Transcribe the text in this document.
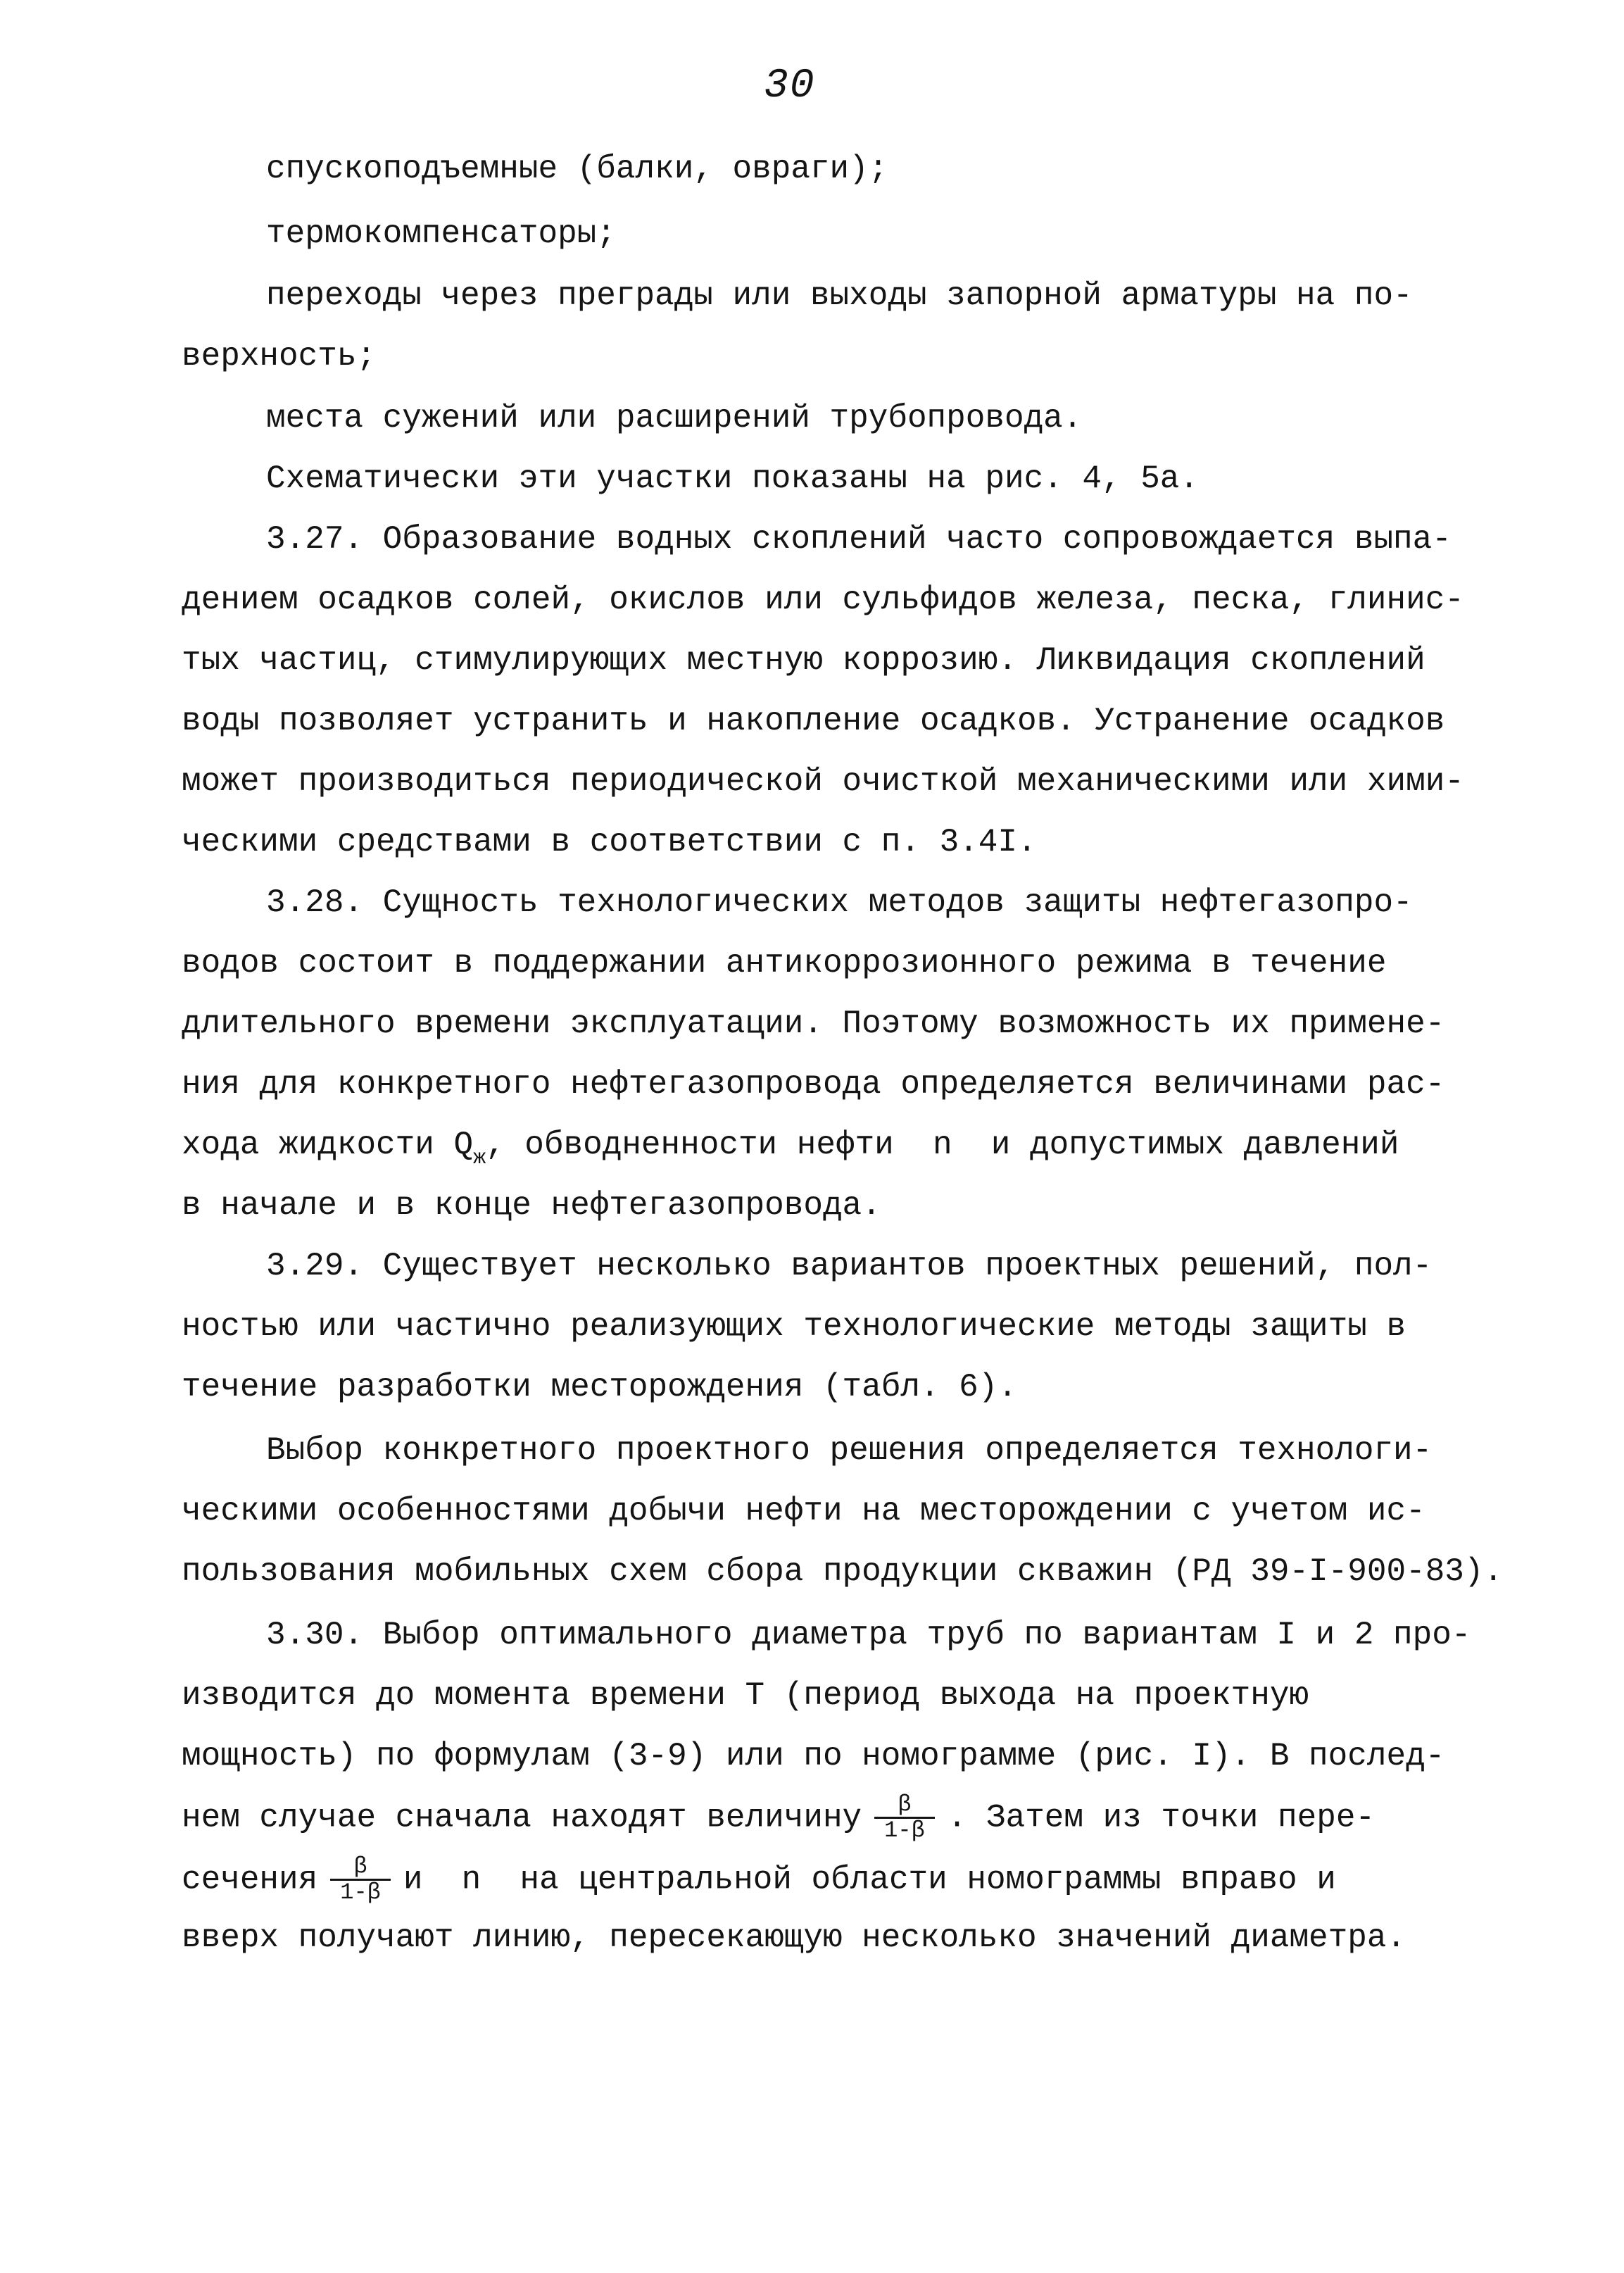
30
спускоподъемные (балки, овраги);
термокомпенсаторы;
переходы через преграды или выходы запорной арматуры на по-
верхность;
места сужений или расширений трубопровода.
Схематически эти участки показаны на рис. 4, 5а.
3.27. Образование водных скоплений часто сопровождается выпа-
дением осадков солей, окислов или сульфидов железа, песка, глинис-
тых частиц, стимулирующих местную коррозию. Ликвидация скоплений
воды позволяет устранить и накопление осадков. Устранение осадков
может производиться периодической очисткой механическими или хими-
ческими средствами в соответствии с п. 3.4I.
3.28. Сущность технологических методов защиты нефтегазопро-
водов состоит в поддержании антикоррозионного режима в течение
длительного времени эксплуатации. Поэтому возможность их примене-
ния для конкретного нефтегазопровода определяется величинами рас-
хода жидкости $Q_ж$, обводненности нефти  n  и допустимых давлений
в начале и в конце нефтегазопровода.
3.29. Существует несколько вариантов проектных решений, пол-
ностью или частично реализующих технологические методы защиты в
течение разработки месторождения (табл. 6).
Выбор конкретного проектного решения определяется технологи-
ческими особенностями добычи нефти на месторождении с учетом ис-
пользования мобильных схем сбора продукции скважин (РД 39-I-900-83).
3.30. Выбор оптимального диаметра труб по вариантам I и 2 про-
изводится до момента времени Т (период выхода на проектную
мощность) по формулам (3-9) или по номограмме (рис. I). В послед-
нем случае сначала находят величину $\frac{\beta}{1-\beta}$ . Затем из точки пере-
сечения $\frac{\beta}{1-\beta}$ и  n  на центральной области номограммы вправо и
вверх получают линию, пересекающую несколько значений диаметра.
